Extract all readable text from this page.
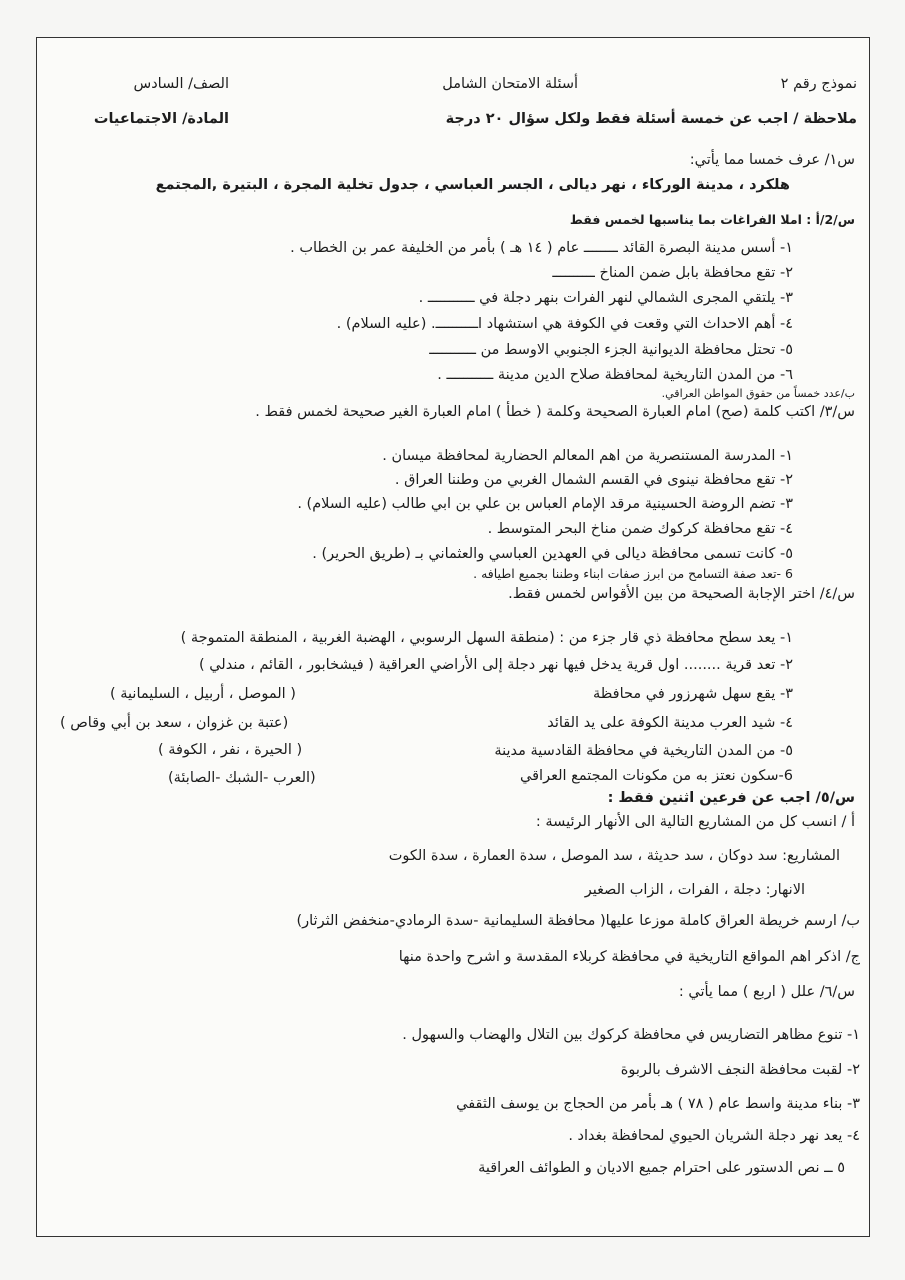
نموذج رقم ٢
أسئلة الامتحان الشامل
الصف/ السادس
ملاحظة / اجب عن خمسة أسئلة فقط ولكل سؤال ٢٠ درجة
المادة/ الاجتماعيات
س١/ عرف خمسا مما يأتي:
هلكرد ، مدينة الوركاء ، نهر ديالى ، الجسر العباسي ، جدول تخلية المجرة ، البتيرة ,المجتمع
س/2/أ : املا الفراغات بما يناسبها لخمس فقط
١- أسس مدينة البصرة القائد ــــــــ عام ( ١٤ هـ ) بأمر من الخليفة عمر بن الخطاب .
٢- تقع محافظة بابل ضمن المناخ ــــــــــ
٣- يلتقي المجرى الشمالي لنهر الفرات بنهر دجلة في ـــــــــــ .
٤- أهم الاحداث التي وقعت في الكوفة هي استشهاد اــــــــــ. (عليه السلام) .
٥- تحتل محافظة الديوانية الجزء الجنوبي الاوسط من ـــــــــــ
٦- من المدن التاريخية لمحافظة صلاح الدين مدينة ـــــــــــ .
ب/عدد خمساً من حقوق المواطن العراقي.
س/٣/ اكتب كلمة (صح) امام العبارة الصحيحة وكلمة ( خطأ ) امام العبارة الغير صحيحة لخمس فقط .
١- المدرسة المستنصرية من اهم المعالم الحضارية لمحافظة ميسان .
٢- تقع محافظة نينوى في القسم الشمال الغربي من وطننا العراق .
٣- تضم الروضة الحسينية مرقد الإمام العباس بن علي بن ابي طالب (عليه السلام) .
٤- تقع محافظة كركوك ضمن مناخ البحر المتوسط .
٥- كانت تسمى محافظة ديالى في العهدين العباسي والعثماني بـ (طريق الحرير) .
6 -تعد صفة التسامح من ابرز صفات ابناء وطننا بجميع اطيافه .
س/٤/ اختر الإجابة الصحيحة من بين الأقواس لخمس فقط.
١- يعد سطح محافظة ذي قار جزء من : (منطقة السهل الرسوبي ، الهضبة الغربية ، المنطقة المتموجة )
٢- تعد قرية ........ اول قرية يدخل فيها نهر دجلة إلى الأراضي العراقية ( فيشخابور ، القائم ، مندلي )
٣- يقع سهل شهرزور في محافظة
( الموصل ، أربيل ، السليمانية )
٤- شيد العرب مدينة الكوفة على يد القائد
(عتبة بن غزوان ، سعد بن أبي وقاص )
٥- من المدن التاريخية في محافظة القادسية مدينة
( الحيرة ، نفر ، الكوفة )
6-سكون نعتز به من مكونات المجتمع العراقي
(العرب -الشبك -الصابئة)
س/٥/ اجب عن فرعين اثنين فقط :
أ / انسب كل من المشاريع التالية الى الأنهار الرئيسة :
المشاريع: سد دوكان ، سد حديثة ، سد الموصل ، سدة العمارة ، سدة الكوت
الانهار: دجلة ، الفرات ، الزاب الصغير
ب/ ارسم خريطة العراق كاملة موزعا عليها( محافظة السليمانية -سدة الرمادي-منخفض الثرثار)
ج/ اذكر اهم المواقع التاريخية في محافظة كربلاء المقدسة و اشرح واحدة منها
س/٦/ علل ( اربع ) مما يأتي :
١- تنوع مظاهر التضاريس في محافظة كركوك بين التلال والهضاب والسهول .
٢- لقبت محافظة النجف الاشرف بالربوة
٣- بناء مدينة واسط عام ( ٧٨ ) هـ بأمر من الحجاج بن يوسف الثقفي
٤- يعد نهر دجلة الشريان الحيوي لمحافظة بغداد .
٥ ــ نص الدستور على احترام جميع الاديان و الطوائف العراقية
